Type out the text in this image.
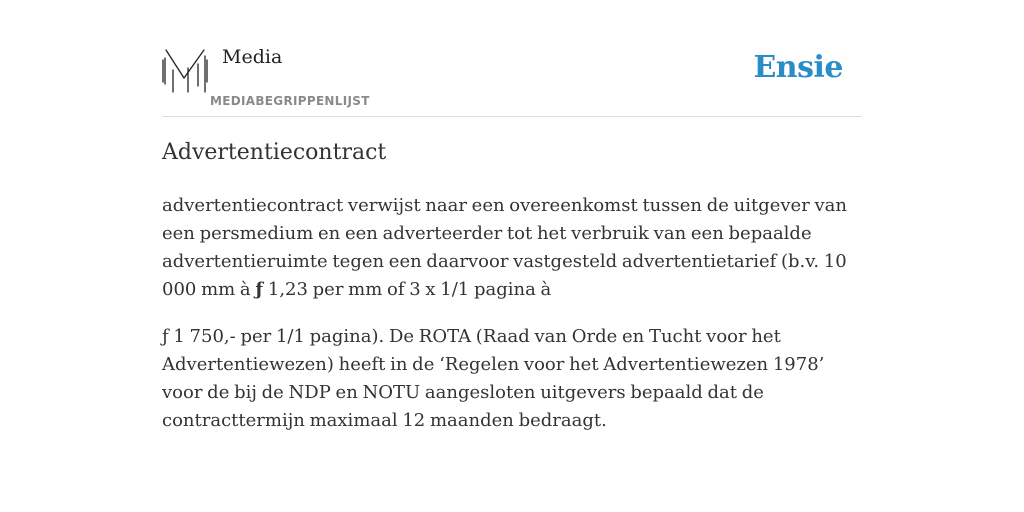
Media
MEDIABEGRIPPENLIJST
Ensie
Advertentiecontract

advertentiecontract verwijst naar een overeenkomst tussen de uitgever van een persmedium en een adverteerder tot het verbruik van een bepaalde advertentieruimte tegen een daarvoor vastgesteld advertentietarief (b.v. 10 000 mm à ƒ 1,23 per mm of 3 x 1/1 pagina à

ƒ 1 750,- per 1/1 pagina). De ROTA (Raad van Orde en Tucht voor het Advertentiewezen) heeft in de ‘Regelen voor het Advertentiewezen 1978’ voor de bij de NDP en NOTU aangesloten uitgevers bepaald dat de contracttermijn maximaal 12 maanden bedraagt.
